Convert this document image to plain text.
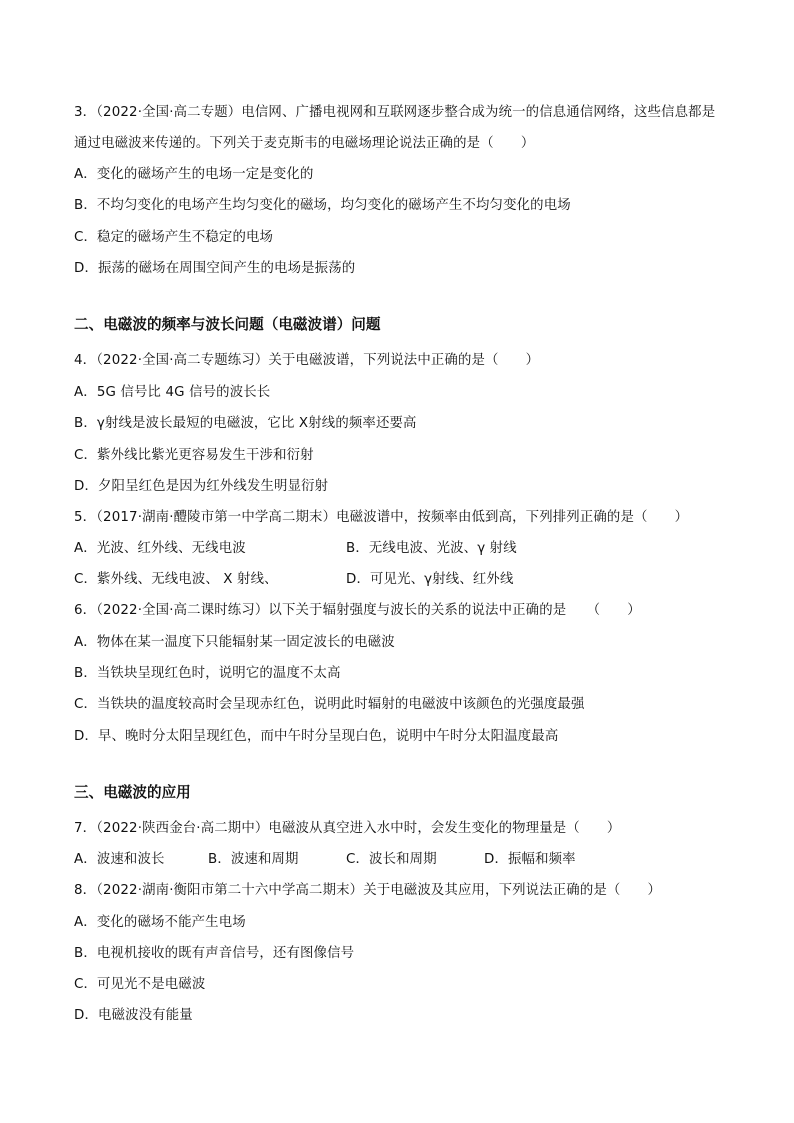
3．（2022·全国·高二专题）电信网、广播电视网和互联网逐步整合成为统一的信息通信网络，这些信息都是
通过电磁波来传递的。下列关于麦克斯韦的电磁场理论说法正确的是（　　）
A．变化的磁场产生的电场一定是变化的
B．不均匀变化的电场产生均匀变化的磁场，均匀变化的磁场产生不均匀变化的电场
C．稳定的磁场产生不稳定的电场
D．振荡的磁场在周围空间产生的电场是振荡的
二、电磁波的频率与波长问题（电磁波谱）问题
4．（2022·全国·高二专题练习）关于电磁波谱，下列说法中正确的是（　　）
A．5G 信号比 4G 信号的波长长
B．γ射线是波长最短的电磁波，它比 X射线的频率还要高
C．紫外线比紫光更容易发生干涉和衍射
D．夕阳呈红色是因为红外线发生明显衍射
5．（2017·湖南·醴陵市第一中学高二期末）电磁波谱中，按频率由低到高，下列排列正确的是（　　）
A．光波、红外线、无线电波	B．无线电波、光波、γ 射线
C．紫外线、无线电波、 X 射线、	D．可见光、γ射线、红外线
6．（2022·全国·高二课时练习）以下关于辐射强度与波长的关系的说法中正确的是　　（　　）
A．物体在某一温度下只能辐射某一固定波长的电磁波
B．当铁块呈现红色时，说明它的温度不太高
C．当铁块的温度较高时会呈现赤红色，说明此时辐射的电磁波中该颜色的光强度最强
D．早、晚时分太阳呈现红色，而中午时分呈现白色，说明中午时分太阳温度最高
三、电磁波的应用
7．（2022·陕西金台·高二期中）电磁波从真空进入水中时，会发生变化的物理量是（　　）
A．波速和波长	B．波速和周期	C．波长和周期	D．振幅和频率
8．（2022·湖南·衡阳市第二十六中学高二期末）关于电磁波及其应用，下列说法正确的是（　　）
A．变化的磁场不能产生电场
B．电视机接收的既有声音信号，还有图像信号
C．可见光不是电磁波
D．电磁波没有能量
